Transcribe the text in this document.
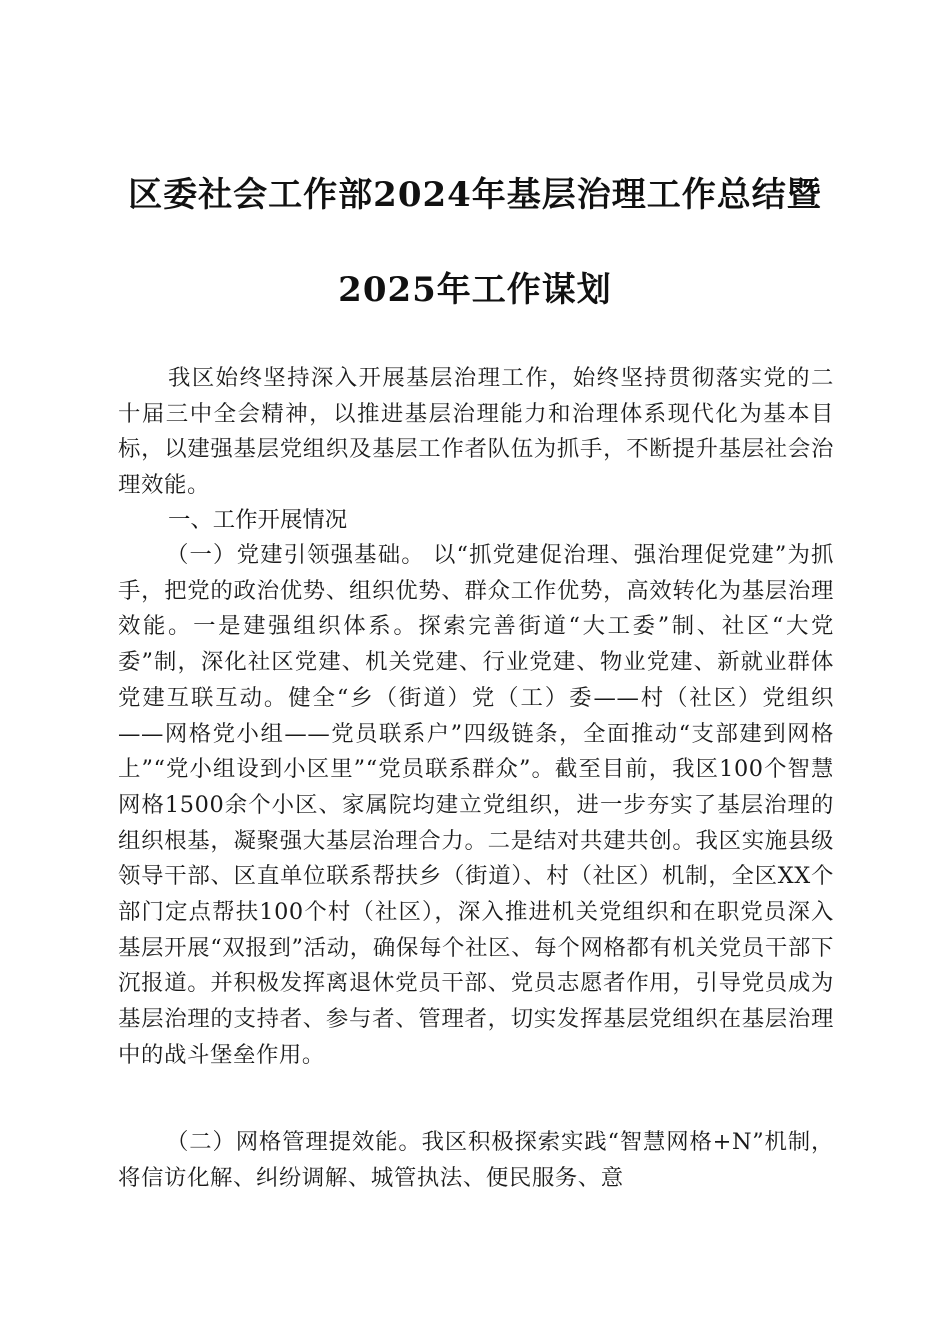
区委社会工作部2024年基层治理工作总结暨
2025年工作谋划

我区始终坚持深入开展基层治理工作，始终坚持贯彻落实党的二十届三中全会精神，以推进基层治理能力和治理体系现代化为基本目标，以建强基层党组织及基层工作者队伍为抓手，不断提升基层社会治理效能。

一、工作开展情况

（一）党建引领强基础。 以“抓党建促治理、强治理促党建”为抓手，把党的政治优势、组织优势、群众工作优势，高效转化为基层治理效能。一是建强组织体系。探索完善街道“大工委”制、社区“大党委”制，深化社区党建、机关党建、行业党建、物业党建、新就业群体党建互联互动。健全“乡（街道）党（工）委——村（社区）党组织——网格党小组——党员联系户”四级链条，全面推动“支部建到网格上”“党小组设到小区里”“党员联系群众”。截至目前，我区100个智慧网格1500余个小区、家属院均建立党组织，进一步夯实了基层治理的组织根基，凝聚强大基层治理合力。二是结对共建共创。我区实施县级领导干部、区直单位联系帮扶乡（街道）、村（社区）机制，全区XX个部门定点帮扶100个村（社区），深入推进机关党组织和在职党员深入基层开展“双报到”活动，确保每个社区、每个网格都有机关党员干部下沉报道。并积极发挥离退休党员干部、党员志愿者作用，引导党员成为基层治理的支持者、参与者、管理者，切实发挥基层党组织在基层治理中的战斗堡垒作用。

（二）网格管理提效能。我区积极探索实践“智慧网格+N”机制，将信访化解、纠纷调解、城管执法、便民服务、意
